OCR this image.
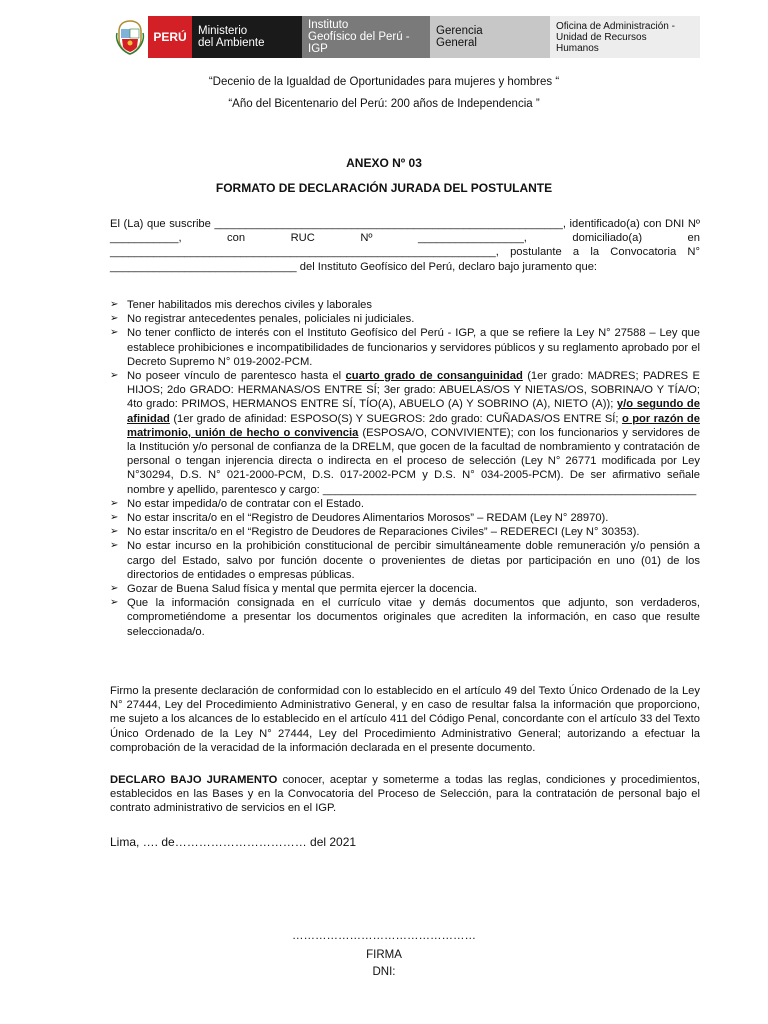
PERÚ Ministerio
del Ambiente
Instituto
Geofísico del Perú - IGP
Gerencia
General
Oficina de Administración -
Unidad de Recursos
Humanos
“Decenio de la Igualdad de Oportunidades para mujeres y hombres “
“Año del Bicentenario del Perú: 200 años de Independencia ”
ANEXO Nº 03
FORMATO DE DECLARACIÓN JURADA DEL POSTULANTE
El (La) que suscribe ________________________________________________________, identificado(a) con DNI Nº ___________, con RUC Nº _________________, domiciliado(a) en ______________________________________________________________, postulante a la Convocatoria N° ______________________________ del Instituto Geofísico del Perú, declaro bajo juramento que:
➢ Tener habilitados mis derechos civiles y laborales
➢ No registrar antecedentes penales, policiales ni judiciales.
➢ No tener conflicto de interés con el Instituto Geofísico del Perú - IGP, a que se refiere la Ley N° 27588 – Ley que establece prohibiciones e incompatibilidades de funcionarios y servidores públicos y su reglamento aprobado por el Decreto Supremo N° 019-2002-PCM.
➢ No poseer vínculo de parentesco hasta el cuarto grado de consanguinidad (1er grado: MADRES; PADRES E HIJOS; 2do GRADO: HERMANAS/OS ENTRE SÍ; 3er grado: ABUELAS/OS Y NIETAS/OS, SOBRINA/O Y TÍA/O; 4to grado: PRIMOS, HERMANOS ENTRE SÍ, TÍO(A), ABUELO (A) Y SOBRINO (A), NIETO (A)); y/o segundo de afinidad (1er grado de afinidad: ESPOSO(S) Y SUEGROS: 2do grado: CUÑADAS/OS ENTRE SÍ; o por razón de matrimonio, unión de hecho o convivencia (ESPOSA/O, CONVIVIENTE); con los funcionarios y servidores de la Institución y/o personal de confianza de la DRELM, que gocen de la facultad de nombramiento y contratación de personal o tengan injerencia directa o indirecta en el proceso de selección (Ley N° 26771 modificada por Ley N°30294, D.S. N° 021-2000-PCM, D.S. 017-2002-PCM y D.S. N° 034-2005-PCM). De ser afirmativo señale nombre y apellido, parentesco y cargo: ____________________________________________________________
➢ No estar impedida/o de contratar con el Estado.
➢ No estar inscrita/o en el “Registro de Deudores Alimentarios Morosos” – REDAM (Ley N° 28970).
➢ No estar inscrita/o en el “Registro de Deudores de Reparaciones Civiles” – REDERECI (Ley N° 30353).
➢ No estar incurso en la prohibición constitucional de percibir simultáneamente doble remuneración y/o pensión a cargo del Estado, salvo por función docente o provenientes de dietas por participación en uno (01) de los directorios de entidades o empresas públicas.
➢ Gozar de Buena Salud física y mental que permita ejercer la docencia.
➢ Que la información consignada en el currículo vitae y demás documentos que adjunto, son verdaderos, comprometiéndome a presentar los documentos originales que acrediten la información, en caso que resulte seleccionada/o.
Firmo la presente declaración de conformidad con lo establecido en el artículo 49 del Texto Único Ordenado de la Ley N° 27444, Ley del Procedimiento Administrativo General, y en caso de resultar falsa la información que proporciono, me sujeto a los alcances de lo establecido en el artículo 411 del Código Penal, concordante con el artículo 33 del Texto Único Ordenado de la Ley N° 27444, Ley del Procedimiento Administrativo General; autorizando a efectuar la comprobación de la veracidad de la información declarada en el presente documento.
DECLARO BAJO JURAMENTO conocer, aceptar y someterme a todas las reglas, condiciones y procedimientos, establecidos en las Bases y en la Convocatoria del Proceso de Selección, para la contratación de personal bajo el contrato administrativo de servicios en el IGP.
Lima, …. de…………………………… del 2021
…………………………………………
FIRMA
DNI:
